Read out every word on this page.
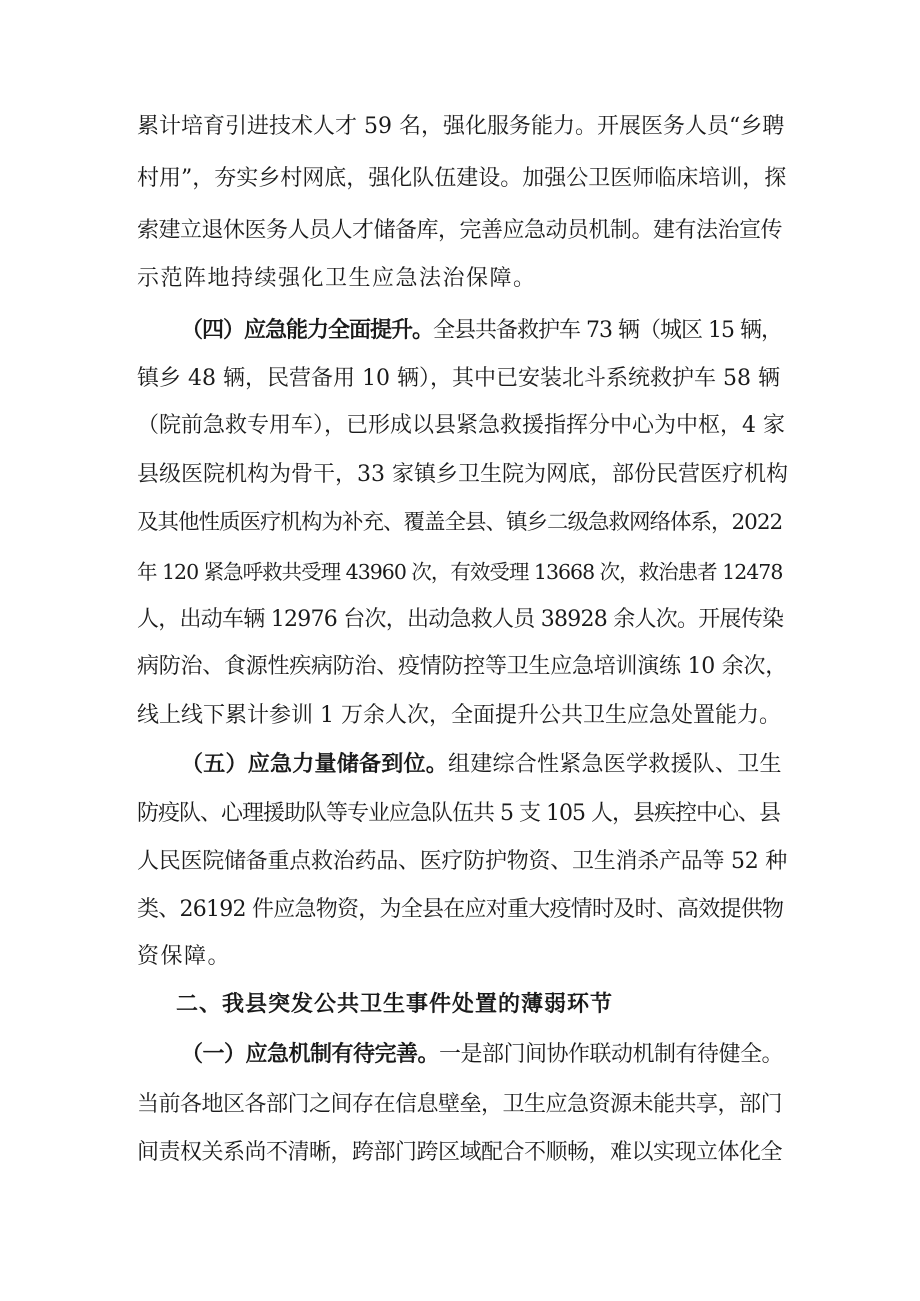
累计培育引进技术人才 59 名，强化服务能力。开展医务人员“乡聘
村用”，夯实乡村网底，强化队伍建设。加强公卫医师临床培训，探
索建立退休医务人员人才储备库，完善应急动员机制。建有法治宣传
示范阵地持续强化卫生应急法治保障。
（四）应急能力全面提升。全县共备救护车 73 辆（城区 15 辆，
镇乡 48 辆，民营备用 10 辆），其中已安装北斗系统救护车 58 辆
（院前急救专用车），已形成以县紧急救援指挥分中心为中枢，4 家
县级医院机构为骨干，33 家镇乡卫生院为网底，部份民营医疗机构
及其他性质医疗机构为补充、覆盖全县、镇乡二级急救网络体系，2022
年 120 紧急呼救共受理 43960 次，有效受理 13668 次，救治患者 12478
人，出动车辆 12976 台次，出动急救人员 38928 余人次。开展传染
病防治、食源性疾病防治、疫情防控等卫生应急培训演练 10 余次，
线上线下累计参训 1 万余人次，全面提升公共卫生应急处置能力。
（五）应急力量储备到位。组建综合性紧急医学救援队、卫生
防疫队、心理援助队等专业应急队伍共 5 支 105 人，县疾控中心、县
人民医院储备重点救治药品、医疗防护物资、卫生消杀产品等 52 种
类、26192 件应急物资，为全县在应对重大疫情时及时、高效提供物
资保障。
二、我县突发公共卫生事件处置的薄弱环节
（一）应急机制有待完善。一是部门间协作联动机制有待健全。
当前各地区各部门之间存在信息壁垒，卫生应急资源未能共享，部门
间责权关系尚不清晰，跨部门跨区域配合不顺畅，难以实现立体化全
